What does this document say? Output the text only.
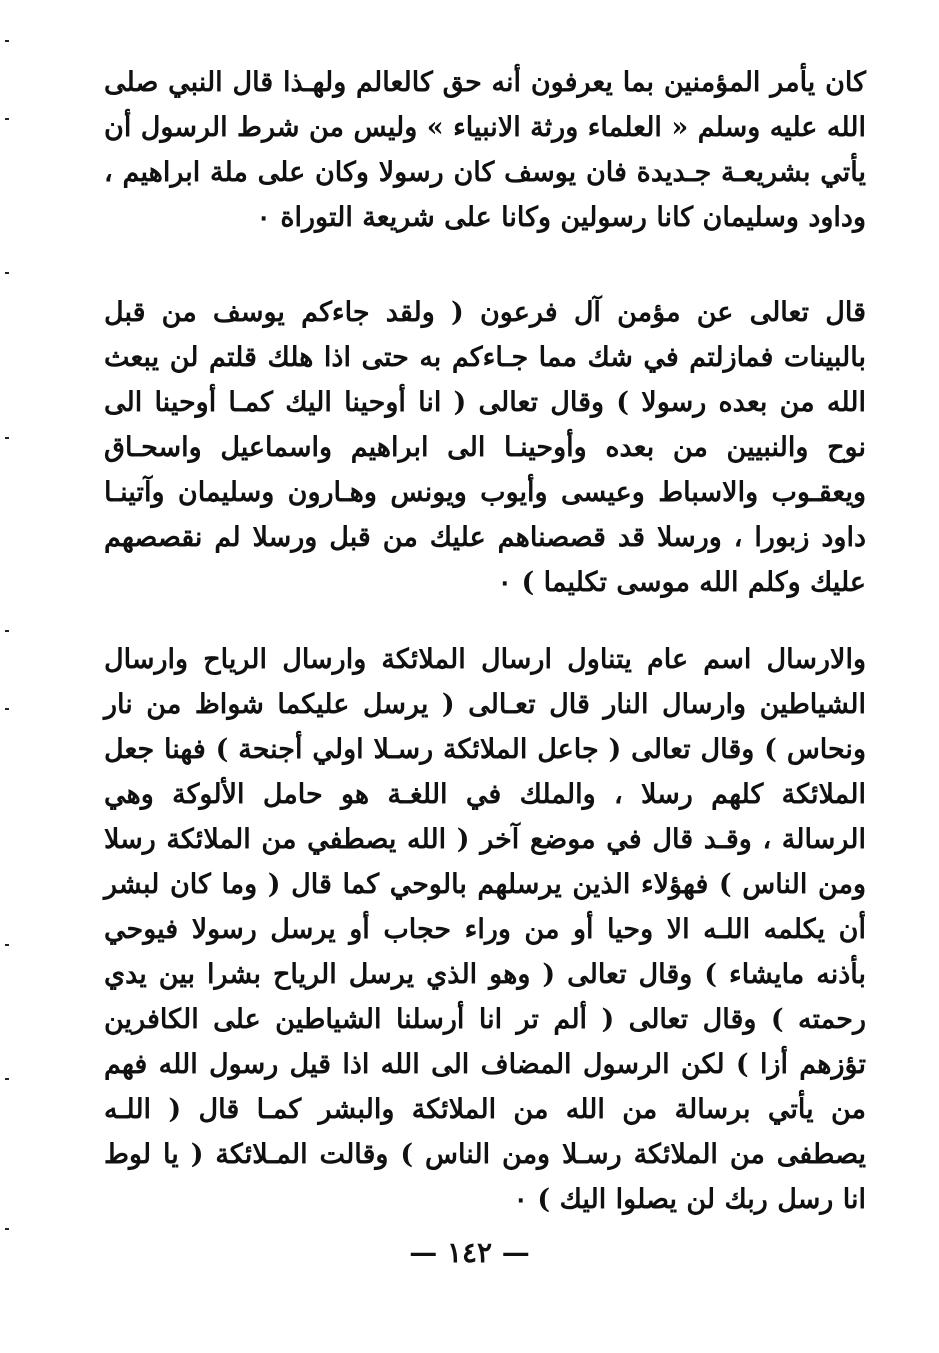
كان يأمر المؤمنين بما يعرفون أنه حق كالعالم ولهـذا قال النبي صلى الله عليه وسلم « العلماء ورثة الانبياء » وليس من شرط الرسول أن يأتي بشريعـة جـديدة فان يوسف كان رسولا وكان على ملة ابراهيم ، وداود وسليمان كانا رسولين وكانا على شريعة التوراة ٠

قال تعالى عن مؤمن آل فرعون ( ولقد جاءكم يوسف من قبل بالبينات فمازلتم في شك مما جـاءكم به حتى اذا هلك قلتم لن يبعث الله من بعده رسولا ) وقال تعالى ( انا أوحينا اليك كمـا أوحينا الى نوح والنبيين من بعده وأوحينـا الى ابراهيم واسماعيل واسحـاق ويعقـوب والاسباط وعيسى وأيوب ويونس وهـارون وسليمان وآتينـا داود زبورا ، ورسلا قد قصصناهم عليك من قبل ورسلا لم نقصصهم عليك وكلم الله موسى تكليما ) ٠

والارسال اسم عام يتناول ارسال الملائكة وارسال الرياح وارسال الشياطين وارسال النار قال تعـالى ( يرسل عليكما شواظ من نار ونحاس ) وقال تعالى ( جاعل الملائكة رسـلا اولي أجنحة ) فهنا جعل الملائكة كلهم رسلا ، والملك في اللغـة هو حامل الألوكة وهي الرسالة ، وقـد قال في موضع آخر ( الله يصطفي من الملائكة رسلا ومن الناس ) فهؤلاء الذين يرسلهم بالوحي كما قال ( وما كان لبشر أن يكلمه اللـه الا وحيا أو من وراء حجاب أو يرسل رسولا فيوحي بأذنه مايشاء ) وقال تعالى ( وهو الذي يرسل الرياح بشرا بين يدي رحمته ) وقال تعالى ( ألم تر انا أرسلنا الشياطين على الكافرين تؤزهم أزا ) لكن الرسول المضاف الى الله اذا قيل رسول الله فهم من يأتي برسالة من الله من الملائكة والبشر كمـا قال ( اللـه يصطفى من الملائكة رسـلا ومن الناس ) وقالت المـلائكة ( يا لوط انا رسل ربك لن يصلوا اليك ) ٠

— ١٤٢ —
